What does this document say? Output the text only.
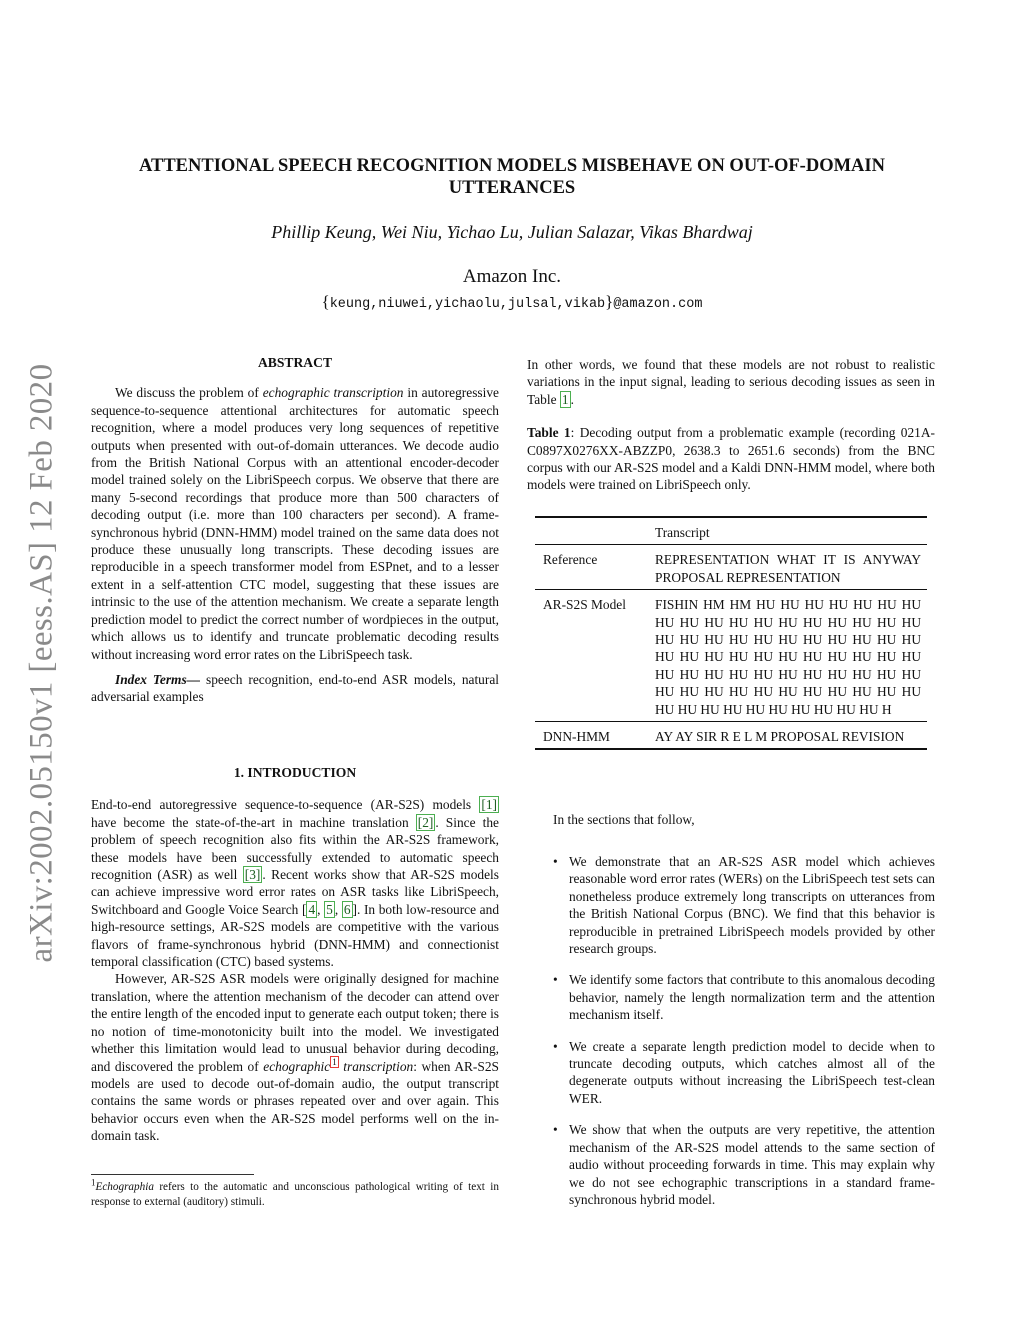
arXiv:2002.05150v1 [eess.AS] 12 Feb 2020
ATTENTIONAL SPEECH RECOGNITION MODELS MISBEHAVE ON OUT-OF-DOMAIN UTTERANCES
Phillip Keung, Wei Niu, Yichao Lu, Julian Salazar, Vikas Bhardwaj
Amazon Inc.
{keung,niuwei,yichaolu,julsal,vikab}@amazon.com
ABSTRACT

We discuss the problem of echographic transcription in autoregressive sequence-to-sequence attentional architectures for automatic speech recognition, where a model produces very long sequences of repetitive outputs when presented with out-of-domain utterances. We decode audio from the British National Corpus with an attentional encoder-decoder model trained solely on the LibriSpeech corpus. We observe that there are many 5-second recordings that produce more than 500 characters of decoding output (i.e. more than 100 characters per second). A frame-synchronous hybrid (DNN-HMM) model trained on the same data does not produce these unusually long transcripts. These decoding issues are reproducible in a speech transformer model from ESPnet, and to a lesser extent in a self-attention CTC model, suggesting that these issues are intrinsic to the use of the attention mechanism. We create a separate length prediction model to predict the correct number of wordpieces in the output, which allows us to identify and truncate problematic decoding results without increasing word error rates on the LibriSpeech task.

Index Terms— speech recognition, end-to-end ASR models, natural adversarial examples

1. INTRODUCTION

End-to-end autoregressive sequence-to-sequence (AR-S2S) models [1] have become the state-of-the-art in machine translation [2] . Since the problem of speech recognition also fits within the AR-S2S framework, these models have been successfully extended to automatic speech recognition (ASR) as well [3] . Recent works show that AR-S2S models can achieve impressive word error rates on ASR tasks like LibriSpeech, Switchboard and Google Voice Search [ 4 , 5 , 6 ]. In both low-resource and high-resource settings, AR-S2S models are competitive with the various flavors of frame-synchronous hybrid (DNN-HMM) and connectionist temporal classification (CTC) based systems.

However, AR-S2S ASR models were originally designed for machine translation, where the attention mechanism of the decoder can attend over the entire length of the encoded input to generate each output token; there is no notion of time-monotonicity built into the model. We investigated whether this limitation would lead to unusual behavior during decoding, and discovered the problem of echographic $^1$ transcription: when AR-S2S models are used to decode out-of-domain audio, the output transcript contains the same words or phrases repeated over and over again. This behavior occurs even when the AR-S2S model performs well on the in-domain task.

$^1$Echographia refers to the automatic and unconscious pathological writing of text in response to external (auditory) stimuli.

In other words, we found that these models are not robust to realistic variations in the input signal, leading to serious decoding issues as seen in Table 1 .

Table 1: Decoding output from a problematic example (recording 021A-C0897X0276XX-ABZZP0, 2638.3 to 2651.6 seconds) from the BNC corpus with our AR-S2S model and a Kaldi DNN-HMM model, where both models were trained on LibriSpeech only.

	Transcript
Reference	REPRESENTATION WHAT IT IS ANYWAY PROPOSAL REPRESENTATION
AR-S2S Model	FISHIN HM HM HU HU HU HU HU HU HU HU HU HU HU HU HU HU HU HU HU HU HU HU HU HU HU HU HU HU HU HU HU HU HU HU HU HU HU HU HU HU HU HU HU HU HU HU HU HU HU HU HU HU HU HU HU HU HU HU HU HU HU HU HU HU HU HU HU HU HU HU HU HU HU HU H
DNN-HMM	AY AY SIR R E L M PROPOSAL REVISION
In the sections that follow,
• We demonstrate that an AR-S2S ASR model which achieves reasonable word error rates (WERs) on the LibriSpeech test sets can nonetheless produce extremely long transcripts on utterances from the British National Corpus (BNC). We find that this behavior is reproducible in pretrained LibriSpeech models provided by other research groups.
• We identify some factors that contribute to this anomalous decoding behavior, namely the length normalization term and the attention mechanism itself.
• We create a separate length prediction model to decide when to truncate decoding outputs, which catches almost all of the degenerate outputs without increasing the LibriSpeech test-clean WER.
• We show that when the outputs are very repetitive, the attention mechanism of the AR-S2S model attends to the same section of audio without proceeding forwards in time. This may explain why we do not see echographic transcriptions in a standard frame-synchronous hybrid model.
